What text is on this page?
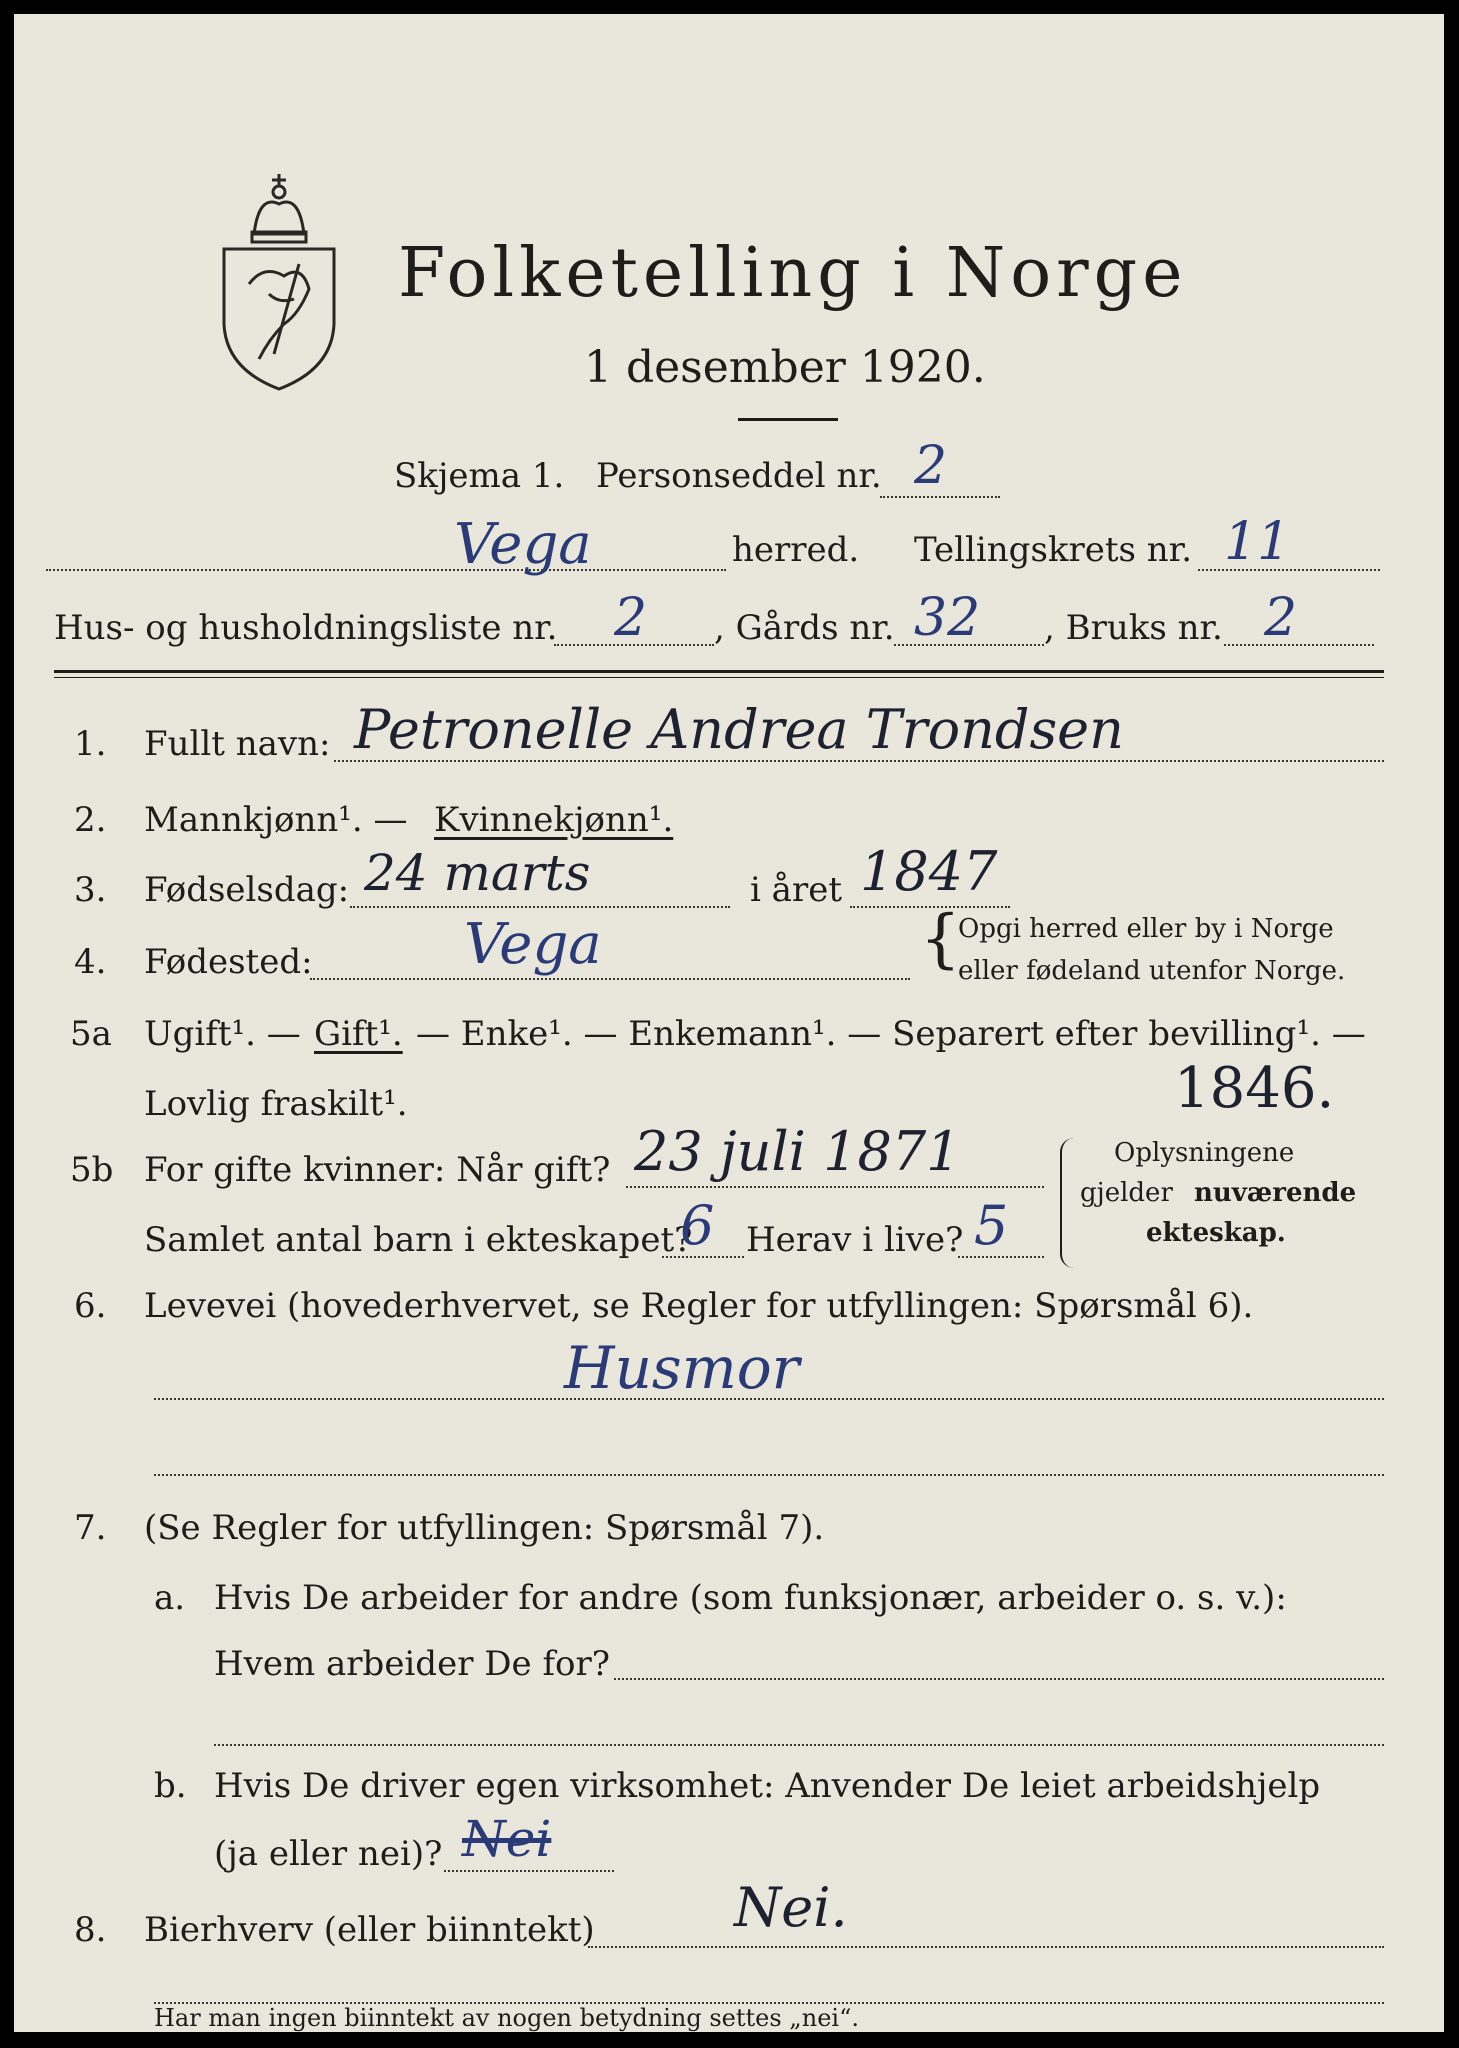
Folketelling i Norge
1 desember 1920.
Skjema 1. Personseddel nr. 2
Vega	herred. Tellingskrets nr. 11
Hus- og husholdningsliste nr. 2 , Gårds nr. 32 , Bruks nr. 2
1. Fullt navn: Petronelle Andrea Trondsen
2. Mannkjønn¹. — Kvinnekjønn¹.
3. Fødselsdag: 24 marts	i året 1847
4. Fødested:	Vega	{
Opgi herred eller by i Norge
eller fødeland utenfor Norge.
5a Ugift¹. — Gift¹. — Enke¹. — Enkemann¹. — Separert efter bevilling¹. —
Lovlig fraskilt¹.	1846.
5b For gifte kvinner: Når gift? 23 juli 1871
Samlet antal barn i ekteskapet?
6 Herav i live? 5
Oplysningene
gjelder nuværende
ekteskap.
6. Levevei (hovederhvervet, se Regler for utfyllingen: Spørsmål 6).
Husmor
7. (Se Regler for utfyllingen: Spørsmål 7).
a. Hvis De arbeider for andre (som funksjonær, arbeider o. s. v.):
Hvem arbeider De for?
b. Hvis De driver egen virksomhet: Anvender De leiet arbeidshjelp
(ja eller nei)? Nei
8. Bierhverv (eller biinntekt)	Nei.
Har man ingen biinntekt av nogen betydning settes „nei“.
